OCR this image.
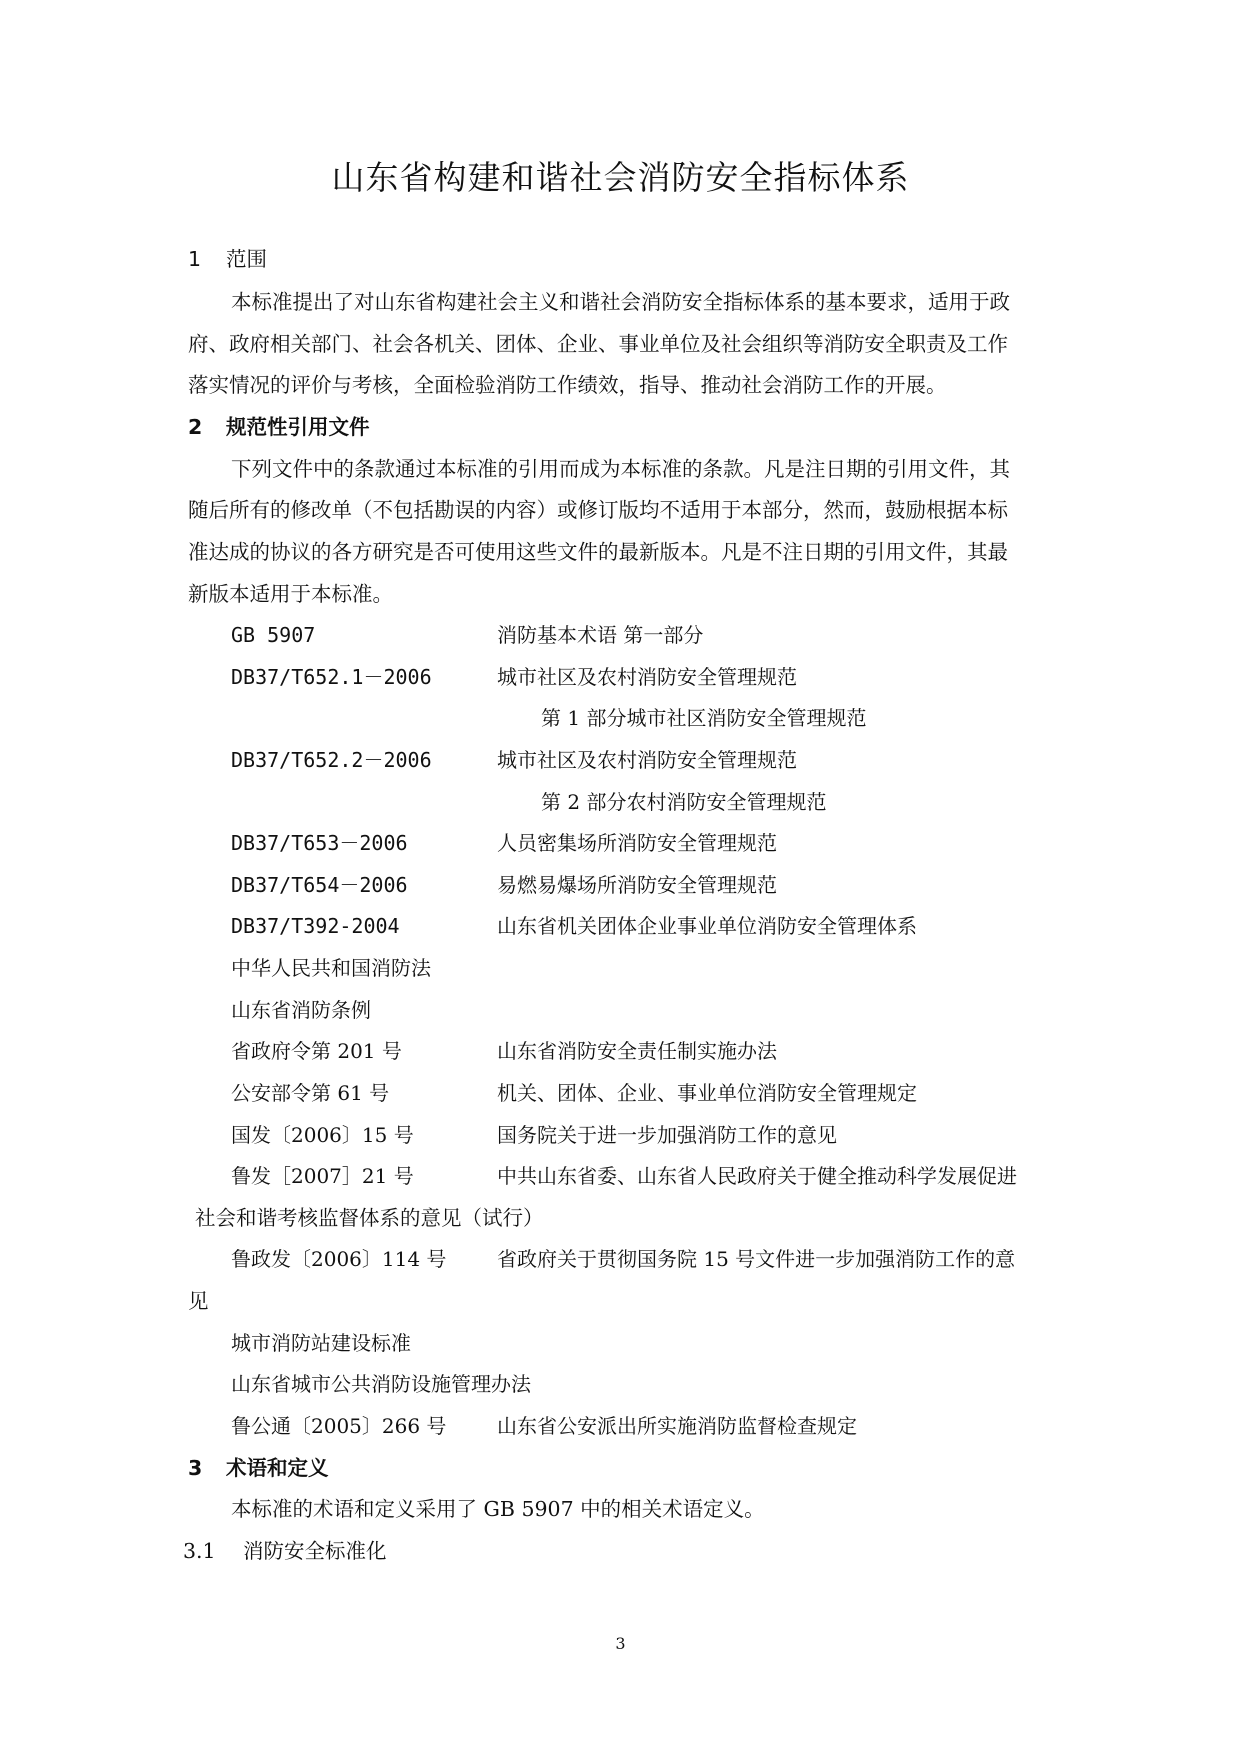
山东省构建和谐社会消防安全指标体系
1 范围
本标准提出了对山东省构建社会主义和谐社会消防安全指标体系的基本要求，适用于政
府、政府相关部门、社会各机关、团体、企业、事业单位及社会组织等消防安全职责及工作
落实情况的评价与考核，全面检验消防工作绩效，指导、推动社会消防工作的开展。
2 规范性引用文件
下列文件中的条款通过本标准的引用而成为本标准的条款。凡是注日期的引用文件，其
随后所有的修改单（不包括勘误的内容）或修订版均不适用于本部分，然而，鼓励根据本标
准达成的协议的各方研究是否可使用这些文件的最新版本。凡是不注日期的引用文件，其最
新版本适用于本标准。
GB 5907	消防基本术语 第一部分
DB37/T652.1－2006	城市社区及农村消防安全管理规范
第 1 部分城市社区消防安全管理规范
DB37/T652.2－2006	城市社区及农村消防安全管理规范
第 2 部分农村消防安全管理规范
DB37/T653－2006	人员密集场所消防安全管理规范
DB37/T654－2006	易燃易爆场所消防安全管理规范
DB37/T392-2004	山东省机关团体企业事业单位消防安全管理体系
中华人民共和国消防法
山东省消防条例
省政府令第 201 号	山东省消防安全责任制实施办法
公安部令第 61 号	机关、团体、企业、事业单位消防安全管理规定
国发〔2006〕15 号	国务院关于进一步加强消防工作的意见
鲁发［2007］21 号	中共山东省委、山东省人民政府关于健全推动科学发展促进
社会和谐考核监督体系的意见（试行）
鲁政发〔2006〕114 号	省政府关于贯彻国务院 15 号文件进一步加强消防工作的意
见
城市消防站建设标准
山东省城市公共消防设施管理办法
鲁公通〔2005〕266 号	山东省公安派出所实施消防监督检查规定
3 术语和定义
本标准的术语和定义采用了 GB 5907 中的相关术语定义。
3.1 消防安全标准化
3
